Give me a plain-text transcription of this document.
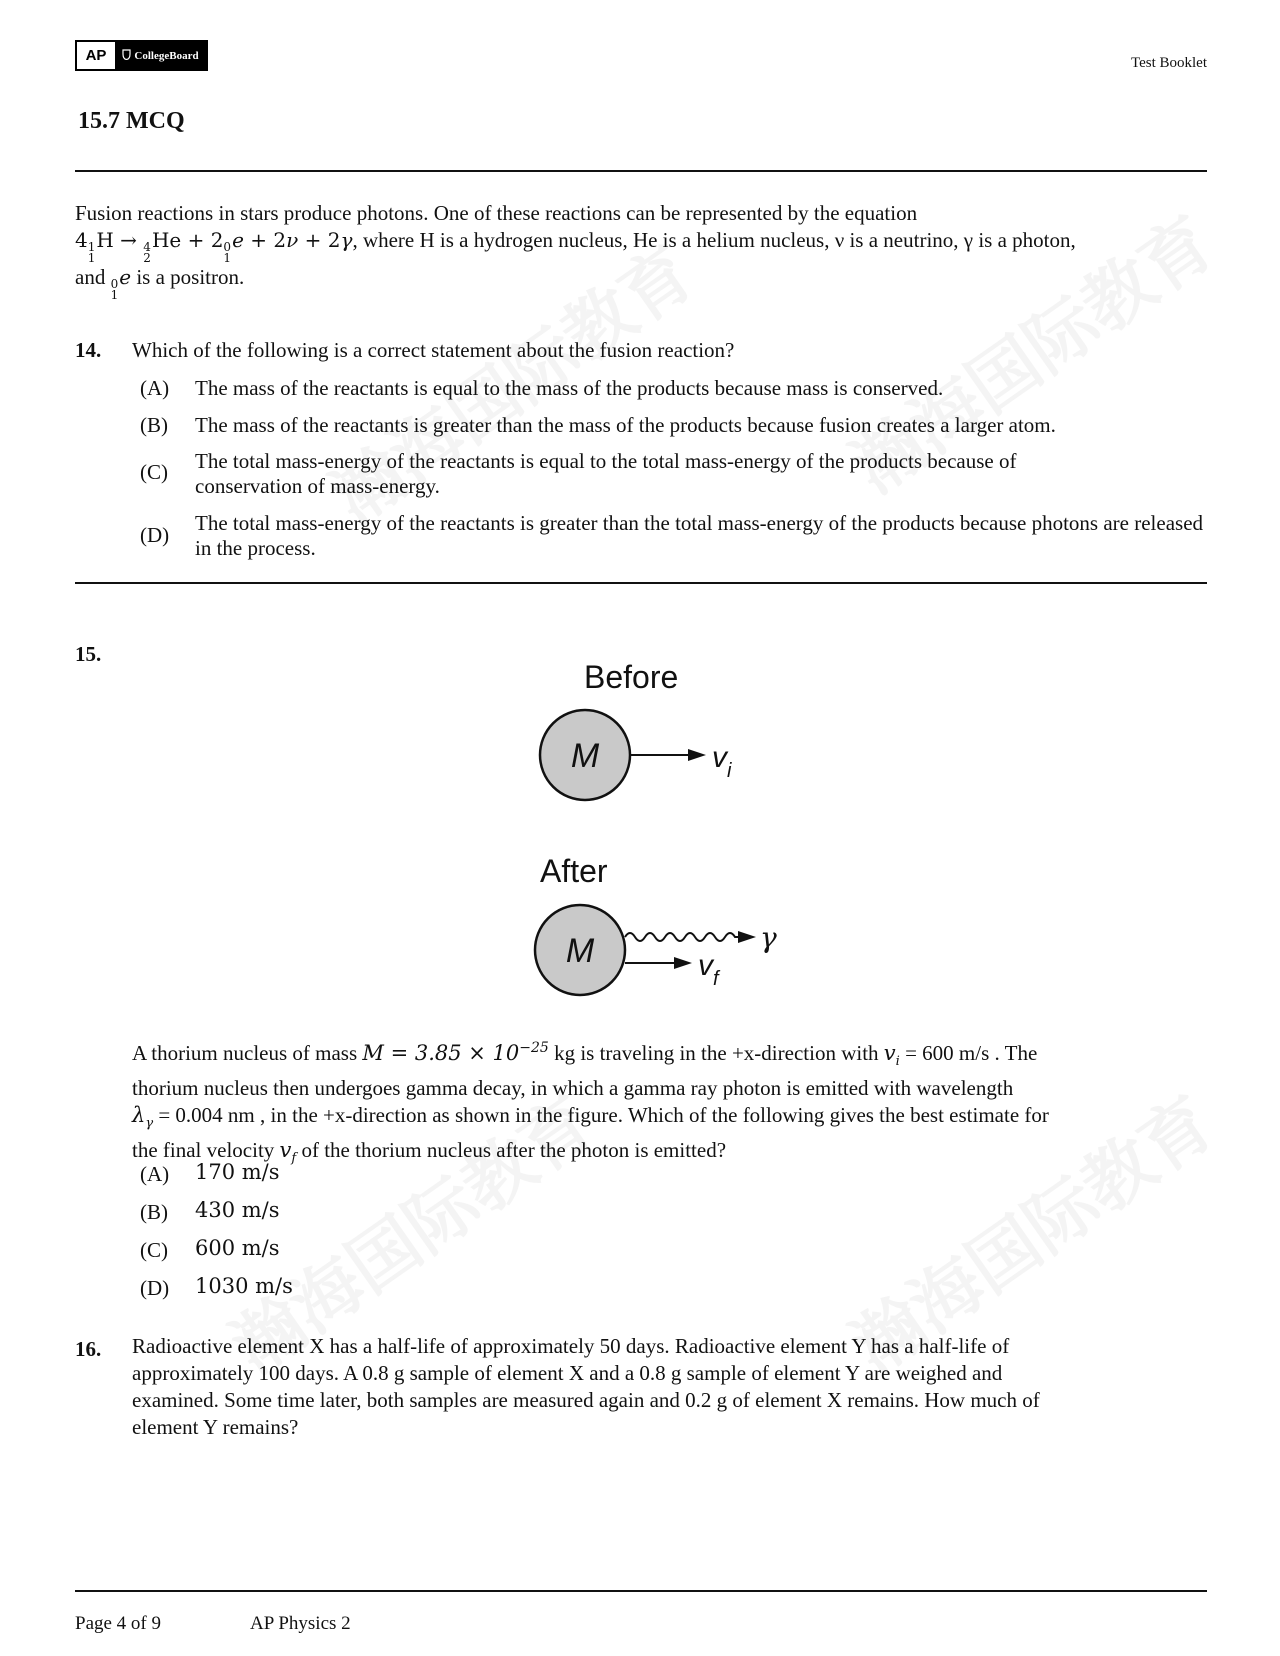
AP	CollegeBoard	Test Booklet
15.7 MCQ
Fusion reactions in stars produce photons. One of these reactions can be represented by the equation
4 1
1
H → 4
2
He + 2 0
1
e + 2ν + 2γ, where H is a hydrogen nucleus, He is a helium nucleus, ν is a neutrino, γ is a photon,
and 0
1
e is a positron.
14. Which of the following is a correct statement about the fusion reaction?
(A) The mass of the reactants is equal to the mass of the products because mass is conserved.
(B) The mass of the reactants is greater than the mass of the products because fusion creates a larger atom.
(C) The total mass-energy of the reactants is equal to the total mass-energy of the products because of conservation of mass-energy.
(D) The total mass-energy of the reactants is greater than the total mass-energy of the products because photons are released in the process.
15.
Before
M	$v_i$
After
M	γ
$v_f$
A thorium nucleus of mass $M = 3.85 \times 10^{-25}$ kg is traveling in the +x-direction with $v_i = 600$ m/s . The
thorium nucleus then undergoes gamma decay, in which a gamma ray photon is emitted with wavelength
$\lambda_\gamma = 0.004$ nm , in the +x-direction as shown in the figure. Which of the following gives the best estimate for
the final velocity $v_f$ of the thorium nucleus after the photon is emitted?
(A) 170 m/s
(B) 430 m/s
(C) 600 m/s
(D) 1030 m/s
16. Radioactive element X has a half-life of approximately 50 days. Radioactive element Y has a half-life of
approximately 100 days. A 0.8 g sample of element X and a 0.8 g sample of element Y are weighed and
examined. Some time later, both samples are measured again and 0.2 g of element X remains. How much of
element Y remains?
Page 4 of 9	AP Physics 2
